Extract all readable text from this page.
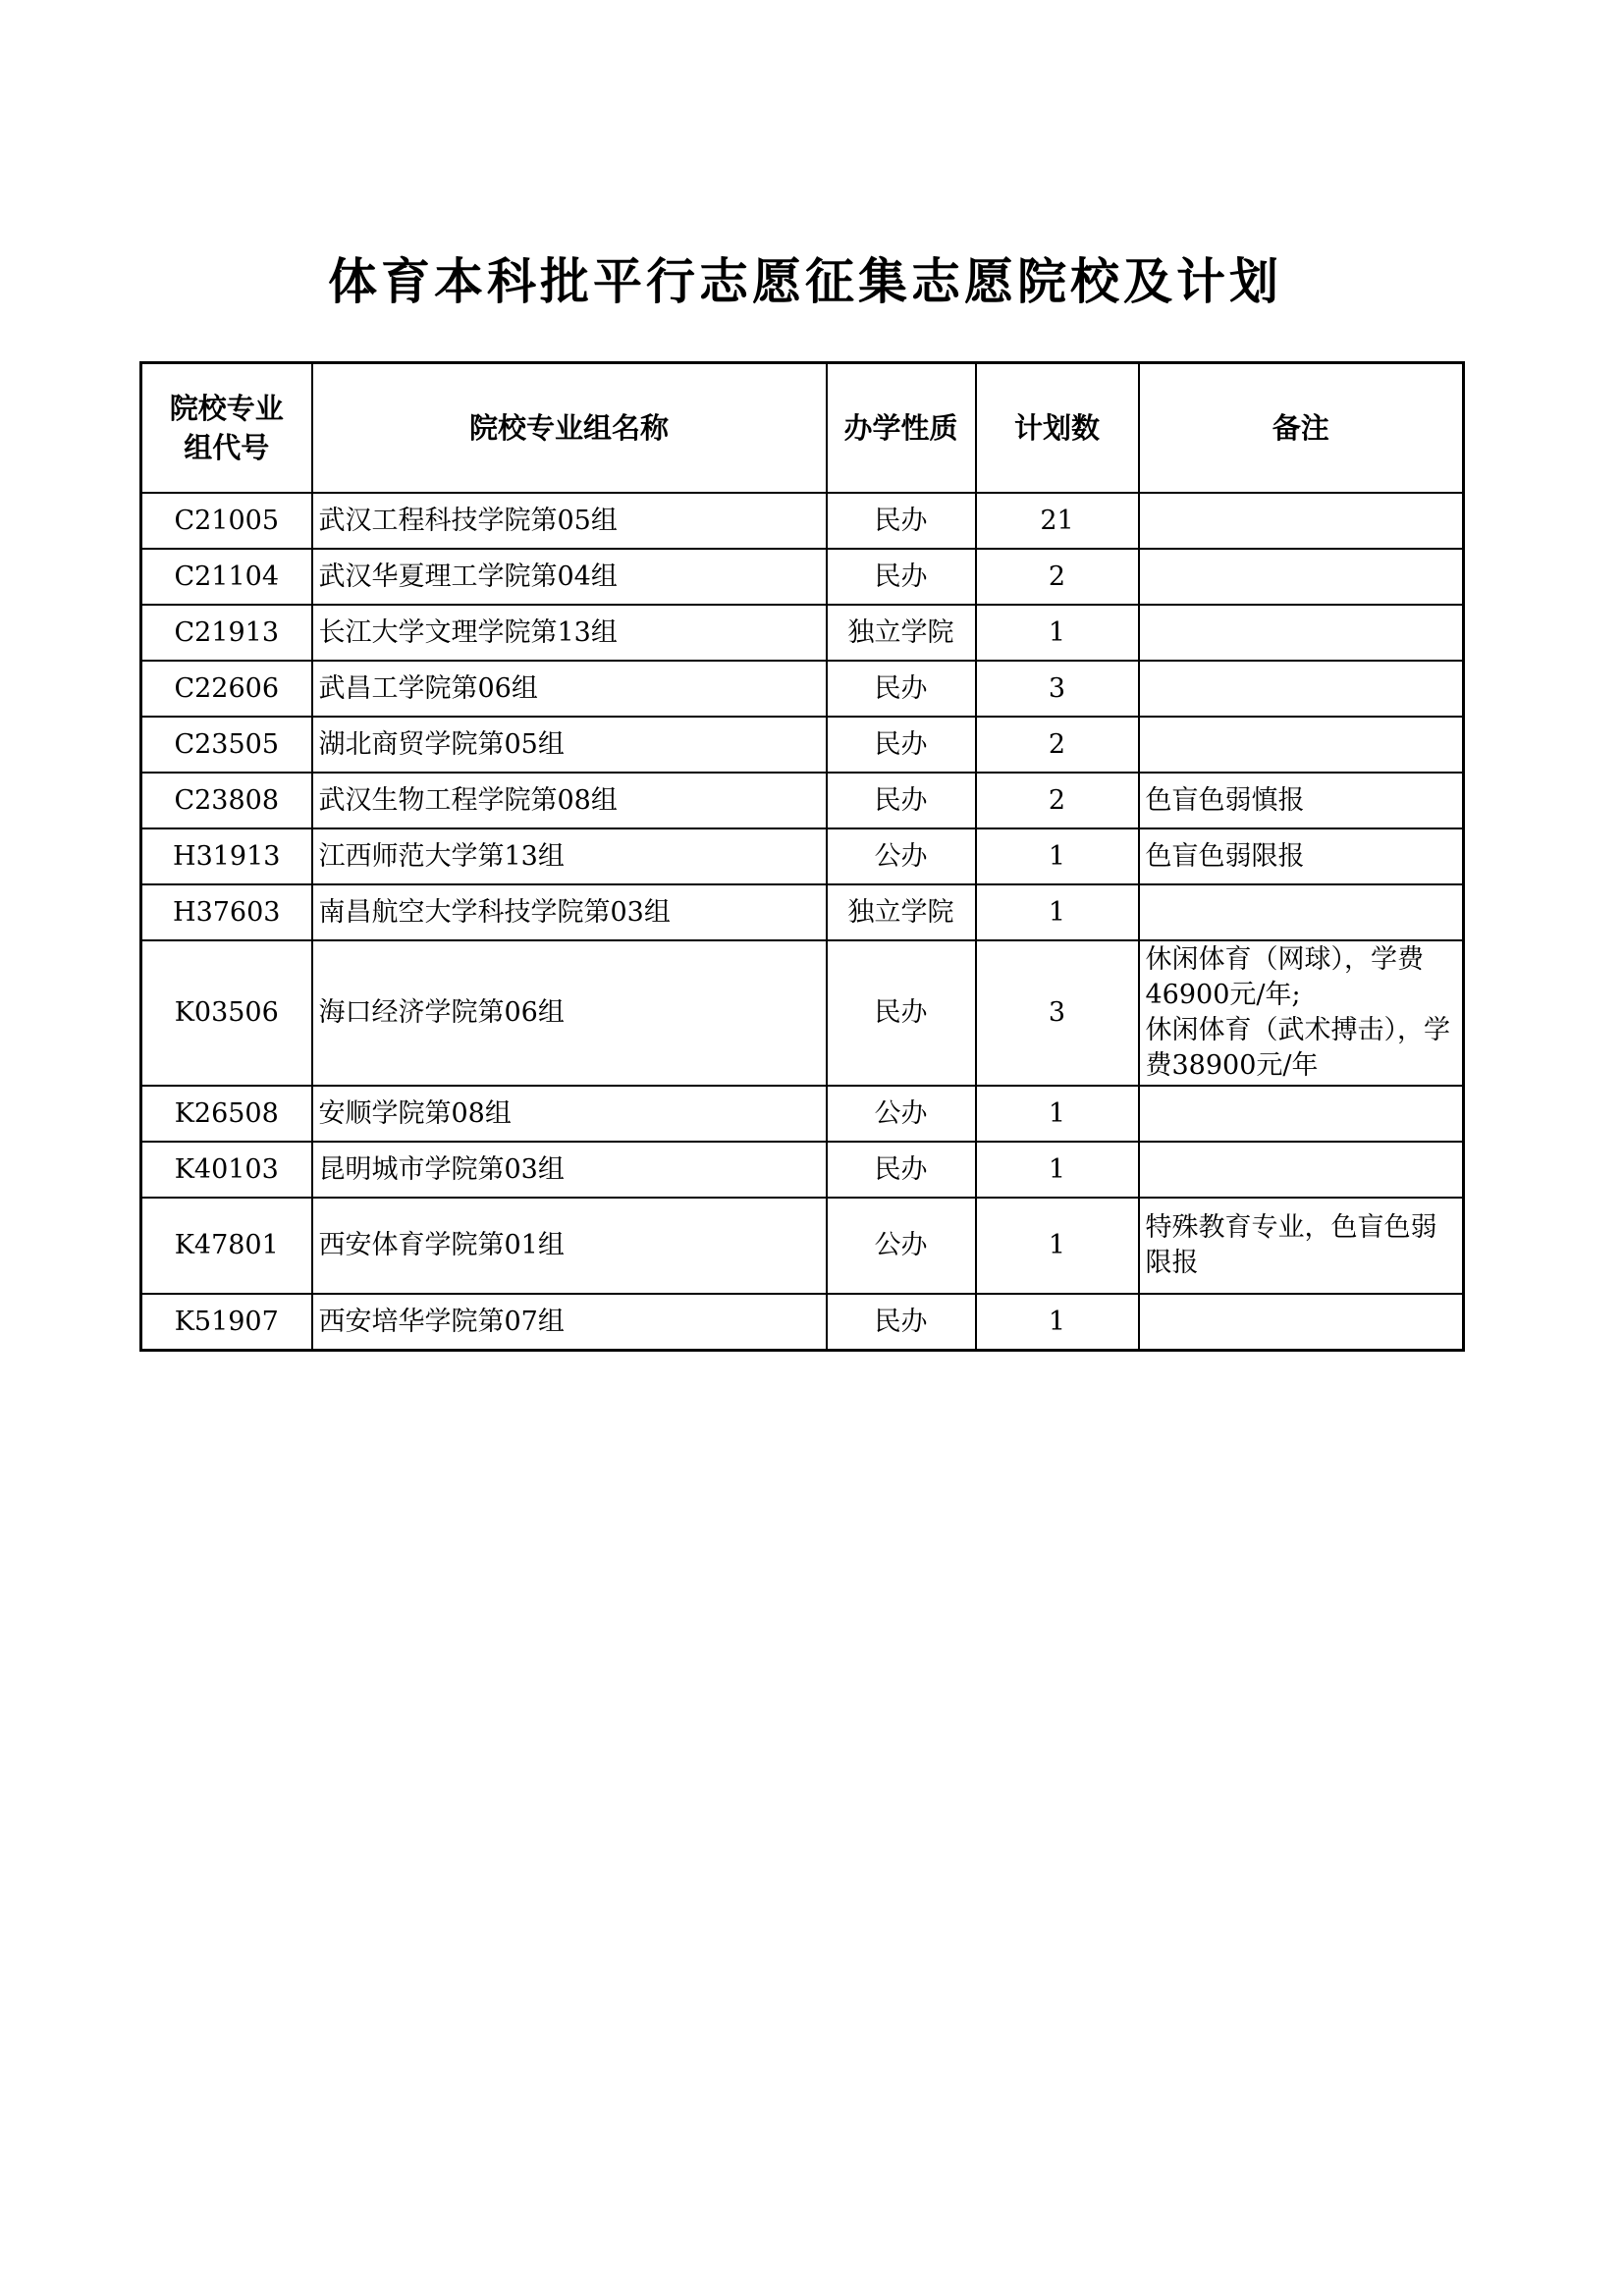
体育本科批平行志愿征集志愿院校及计划
院校专业
组代号	院校专业组名称	办学性质	计划数	备注
C21005	武汉工程科技学院第05组	民办	21	
C21104	武汉华夏理工学院第04组	民办	2	
C21913	长江大学文理学院第13组	独立学院	1	
C22606	武昌工学院第06组	民办	3	
C23505	湖北商贸学院第05组	民办	2	
C23808	武汉生物工程学院第08组	民办	2	色盲色弱慎报
H31913	江西师范大学第13组	公办	1	色盲色弱限报
H37603	南昌航空大学科技学院第03组	独立学院	1	
K03506	海口经济学院第06组	民办	3	休闲体育（网球），学费46900元/年;
休闲体育（武术搏击），学费38900元/年

K26508	安顺学院第08组	公办	1	
K40103	昆明城市学院第03组	民办	1	
K47801	西安体育学院第01组	公办	1	特殊教育专业，色盲色弱限报
K51907	西安培华学院第07组	民办	1	
